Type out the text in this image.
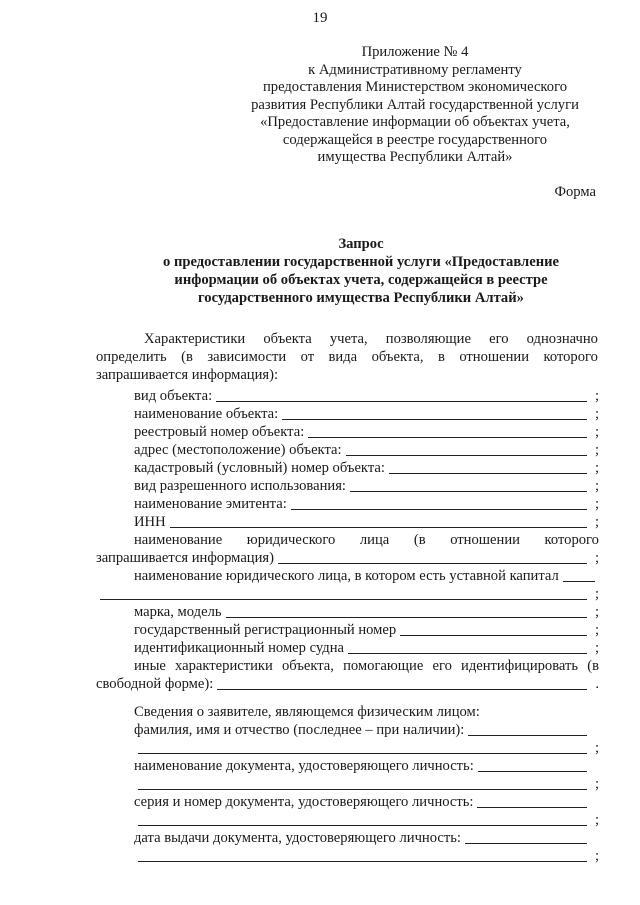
19
Приложение № 4
к Административному регламенту
предоставления Министерством экономического
развития Республики Алтай государственной услуги
«Предоставление информации об объектах учета,
содержащейся в реестре государственного
имущества Республики Алтай»
Форма
Запрос
о предоставлении государственной услуги «Предоставление
информации об объектах учета, содержащейся в реестре
государственного имущества Республики Алтай»
Характеристики объекта учета, позволяющие его однозначно
определить (в зависимости от вида объекта, в отношении которого
запрашивается информация):
вид объекта:	;
наименование объекта:	;
реестровый номер объекта:	;
адрес (местоположение) объекта:	;
кадастровый (условный) номер объекта:	;
вид разрешенного использования:	;
наименование эмитента:	;
ИНН	;
наименование юридического лица (в отношении которого
запрашивается информация)	;
наименование юридического лица, в котором есть уставной капитал
;
марка, модель	;
государственный регистрационный номер	;
идентификационный номер судна	;
иные характеристики объекта, помогающие его идентифицировать (в
свободной форме):	.
Сведения о заявителе, являющемся физическим лицом:
фамилия, имя и отчество (последнее – при наличии):
;
наименование документа, удостоверяющего личность:
;
серия и номер документа, удостоверяющего личность:
;
дата выдачи документа, удостоверяющего личность:
;
